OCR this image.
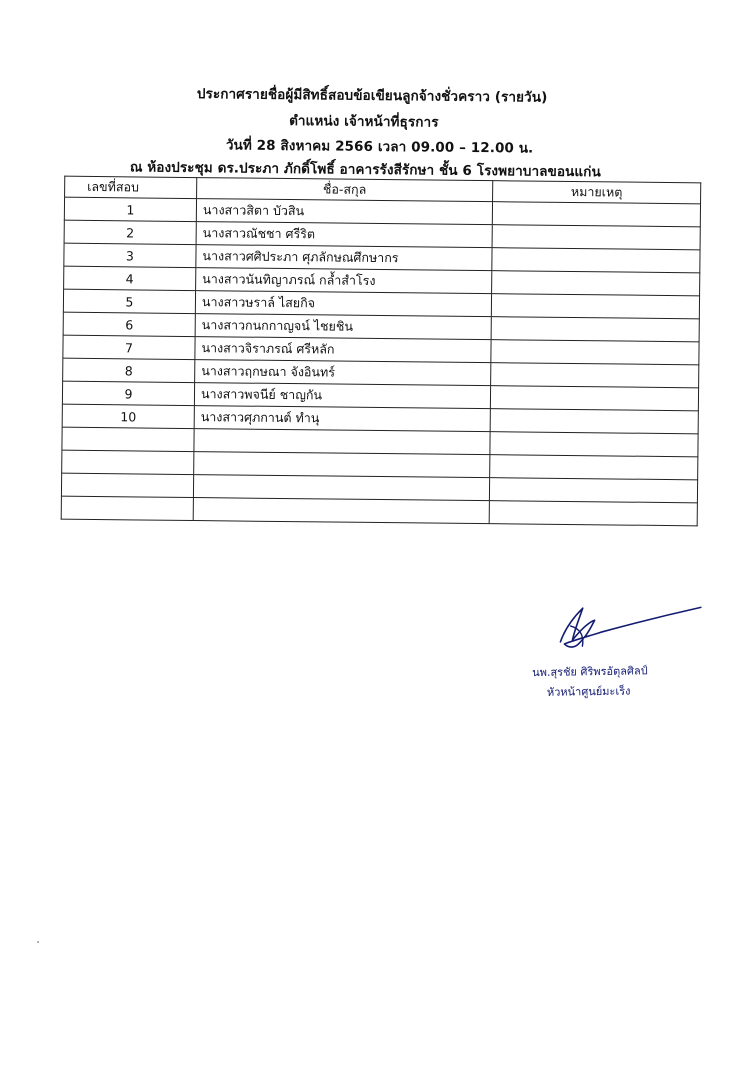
ประกาศรายชื่อผู้มีสิทธิ์สอบข้อเขียนลูกจ้างชั่วคราว (รายวัน)
ตำแหน่ง เจ้าหน้าที่ธุรการ
วันที่ 28 สิงหาคม 2566 เวลา 09.00 – 12.00 น.
ณ ห้องประชุม ดร.ประภา ภักดิ์โพธิ์ อาคารรังสีรักษา ชั้น 6 โรงพยาบาลขอนแก่น
เลขที่สอบ	ชื่อ-สกุล	หมายเหตุ
1	นางสาวสิตา บัวสิน	
2	นางสาวณัชชา ศรีริต	
3	นางสาวศศิประภา ศุภลักษณศึกษากร	
4	นางสาวนันทิญาภรณ์ กล้ำสำโรง	
5	นางสาวษราล์ ไสยกิจ	
6	นางสาวกนกกาญจน์ ไชยชิน	
7	นางสาวจิราภรณ์ ศรีหลัก	
8	นางสาวฤกษณา จังอินทร์	
9	นางสาวพจนีย์ ชาญกัน	
10	นางสาวศุภกานต์ ทำนุ	

นพ.สุรชัย ศิริพรอัตุลศิลป์
หัวหน้าศูนย์มะเร็ง
